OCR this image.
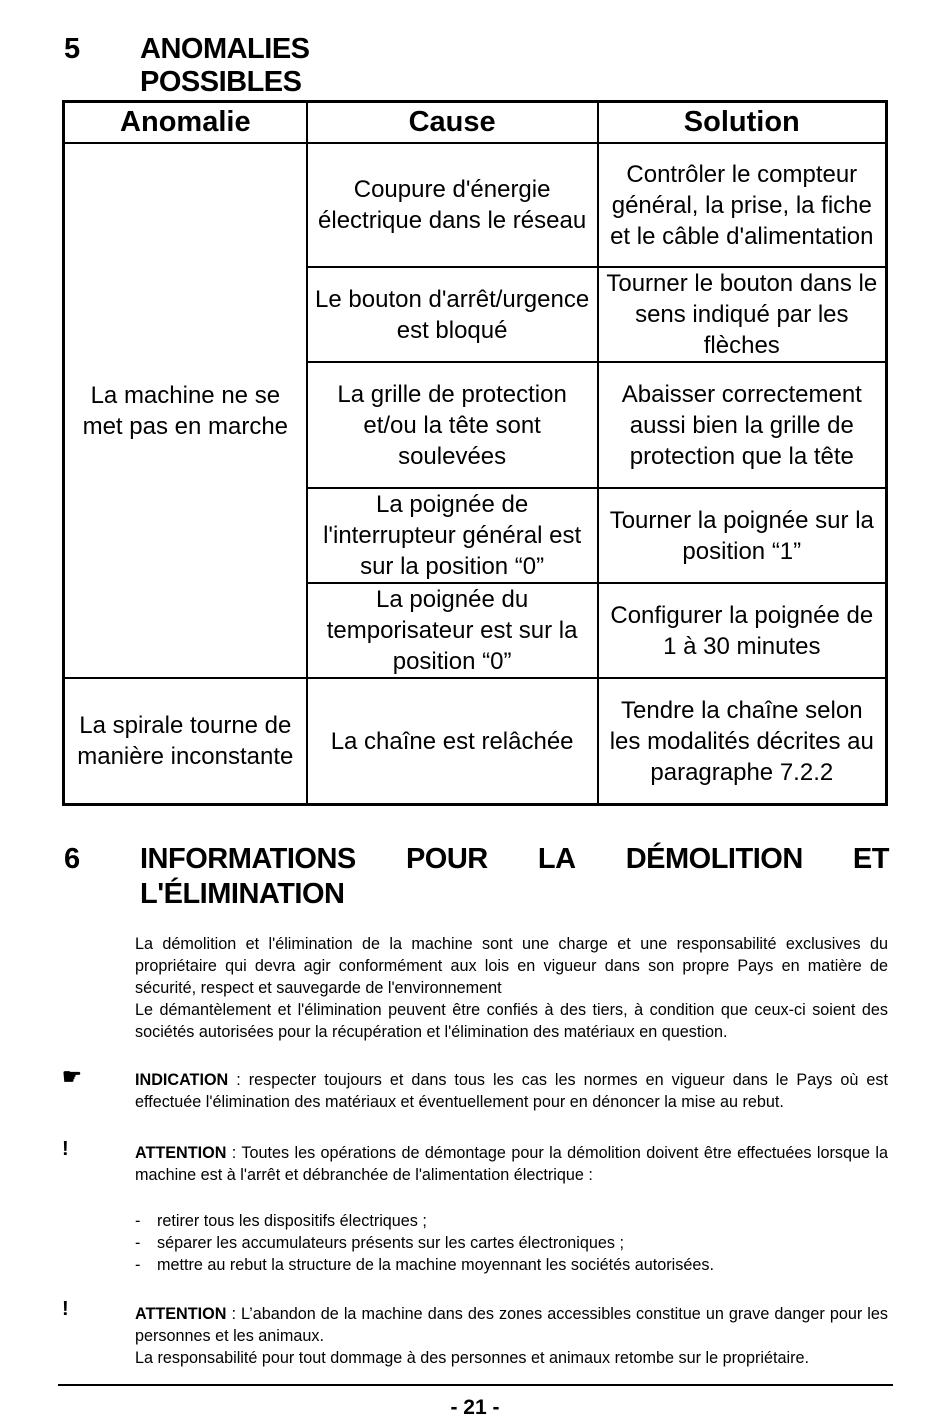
5 ANOMALIES POSSIBLES
Anomalie	Cause	Solution
La machine ne se met pas en marche	Coupure d'énergie électrique dans le réseau	Contrôler le compteur général, la prise, la fiche et le câble d'alimentation
	Le bouton d'arrêt/urgence est bloqué	Tourner le bouton dans le sens indiqué par les flèches
	La grille de protection et/ou la tête sont soulevées	Abaisser correctement aussi bien la grille de protection que la tête
	La poignée de l'interrupteur général est sur la position “0”	Tourner la poignée sur la position “1”
	La poignée du temporisateur est sur la position “0”	Configurer la poignée de 1 à 30 minutes
La spirale tourne de manière inconstante	La chaîne est relâchée	Tendre la chaîne selon les modalités décrites au paragraphe 7.2.2
6 INFORMATIONS POUR LA DÉMOLITION ET
L'ÉLIMINATION
La démolition et l'élimination de la machine sont une charge et une responsabilité exclusives du propriétaire qui devra agir conformément aux lois en vigueur dans son propre Pays en matière de sécurité, respect et sauvegarde de l'environnement
Le démantèlement et l'élimination peuvent être confiés à des tiers, à condition que ceux-ci soient des sociétés autorisées pour la récupération et l'élimination des matériaux en question.
☛	INDICATION : respecter toujours et dans tous les cas les normes en vigueur dans le Pays où est effectuée l'élimination des matériaux et éventuellement pour en dénoncer la mise au rebut.
!	ATTENTION : Toutes les opérations de démontage pour la démolition doivent être effectuées lorsque la machine est à l'arrêt et débranchée de l'alimentation électrique :
- retirer tous les dispositifs électriques ;
- séparer les accumulateurs présents sur les cartes électroniques ;
- mettre au rebut la structure de la machine moyennant les sociétés autorisées.
!	ATTENTION : L’abandon de la machine dans des zones accessibles constitue un grave danger pour les personnes et les animaux.
La responsabilité pour tout dommage à des personnes et animaux retombe sur le propriétaire.
- 21 -
